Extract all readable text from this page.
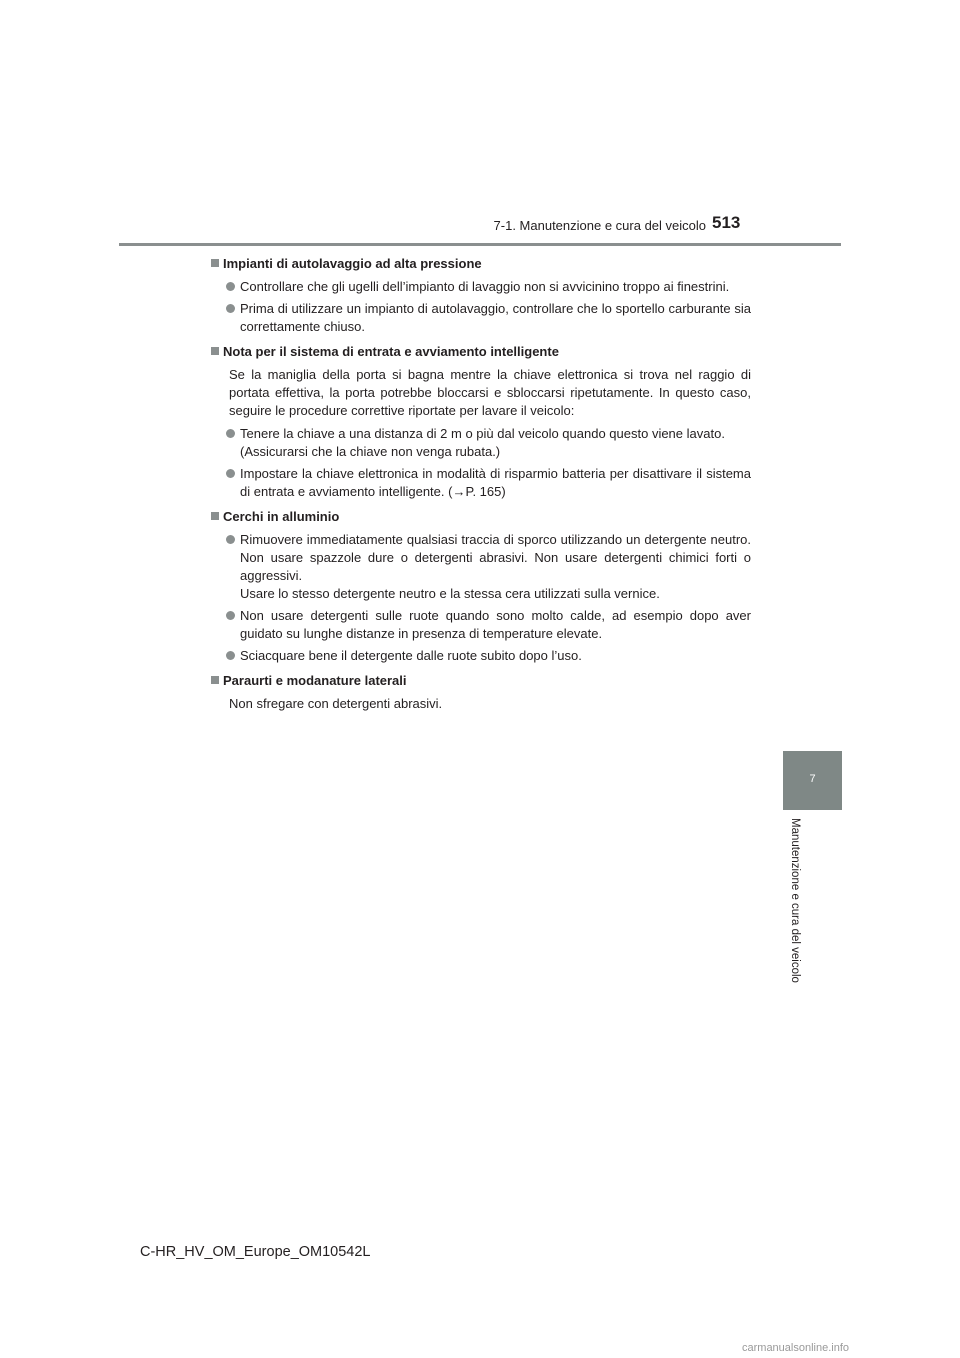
7-1. Manutenzione e cura del veicolo 513
7
Manutenzione e cura del veicolo
Impianti di autolavaggio ad alta pressione
Controllare che gli ugelli dell’impianto di lavaggio non si avvicinino troppo ai finestrini.
Prima di utilizzare un impianto di autolavaggio, controllare che lo sportello carburante sia correttamente chiuso.
Nota per il sistema di entrata e avviamento intelligente
Se la maniglia della porta si bagna mentre la chiave elettronica si trova nel raggio di portata effettiva, la porta potrebbe bloccarsi e sbloccarsi ripetutamente. In questo caso, seguire le procedure correttive riportate per lavare il veicolo:
Tenere la chiave a una distanza di 2 m o più dal veicolo quando questo viene lavato.
(Assicurarsi che la chiave non venga rubata.)
Impostare la chiave elettronica in modalità di risparmio batteria per disattivare il sistema di entrata e avviamento intelligente. (→P. 165)
Cerchi in alluminio
Rimuovere immediatamente qualsiasi traccia di sporco utilizzando un detergente neutro. Non usare spazzole dure o detergenti abrasivi. Non usare detergenti chimici forti o aggressivi.
Usare lo stesso detergente neutro e la stessa cera utilizzati sulla vernice.
Non usare detergenti sulle ruote quando sono molto calde, ad esempio dopo aver guidato su lunghe distanze in presenza di temperature elevate.
Sciacquare bene il detergente dalle ruote subito dopo l’uso.
Paraurti e modanature laterali
Non sfregare con detergenti abrasivi.
C-HR_HV_OM_Europe_OM10542L
carmanualsonline.info
